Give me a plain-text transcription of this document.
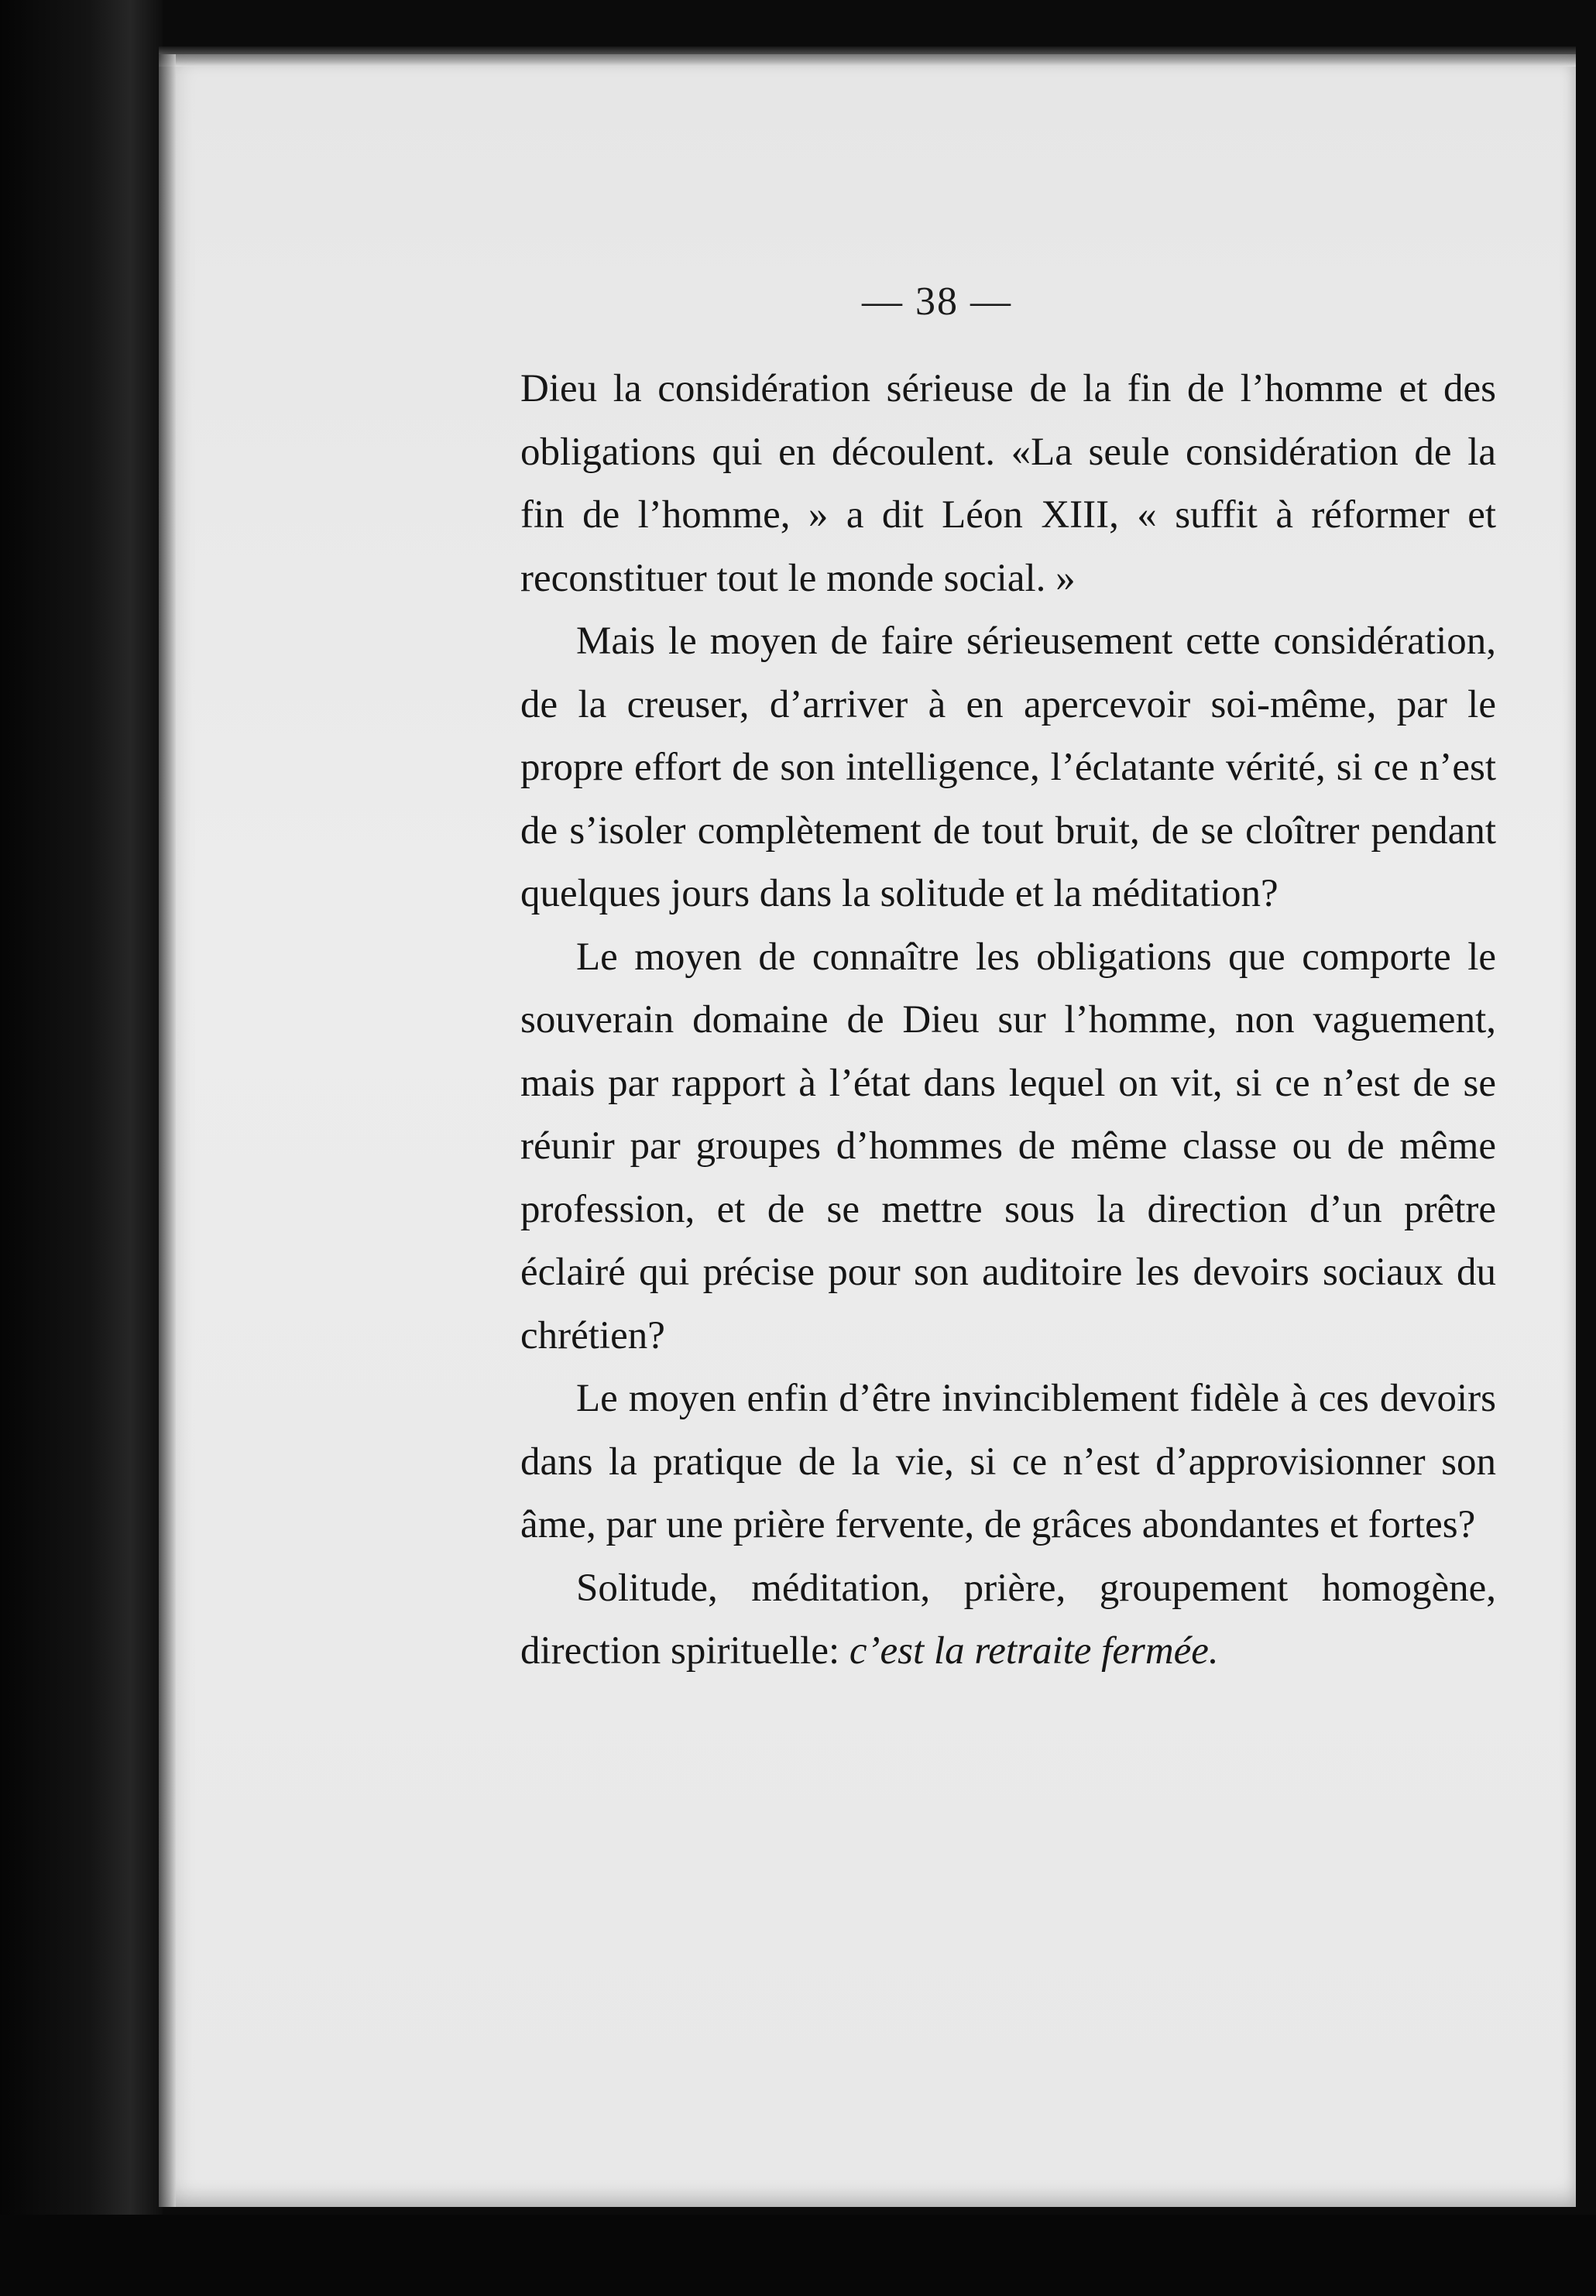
— 38 —

Dieu la considération sérieuse de la fin de l’homme et des obligations qui en découlent. «La seule considération de la fin de l’homme, » a dit Léon XIII, « suffit à réformer et reconstituer tout le monde social. »

Mais le moyen de faire sérieusement cette considération, de la creuser, d’arriver à en apercevoir soi-même, par le propre effort de son intelligence, l’éclatante vérité, si ce n’est de s’isoler complètement de tout bruit, de se cloîtrer pendant quelques jours dans la solitude et la méditation?

Le moyen de connaître les obligations que comporte le souverain domaine de Dieu sur l’homme, non vaguement, mais par rapport à l’état dans lequel on vit, si ce n’est de se réunir par groupes d’hommes de même classe ou de même profession, et de se mettre sous la direction d’un prêtre éclairé qui précise pour son auditoire les devoirs sociaux du chrétien?

Le moyen enfin d’être invinciblement fidèle à ces devoirs dans la pratique de la vie, si ce n’est d’approvisionner son âme, par une prière fervente, de grâces abondantes et fortes?

Solitude, méditation, prière, groupement homogène, direction spirituelle: c’est la retraite fermée.
